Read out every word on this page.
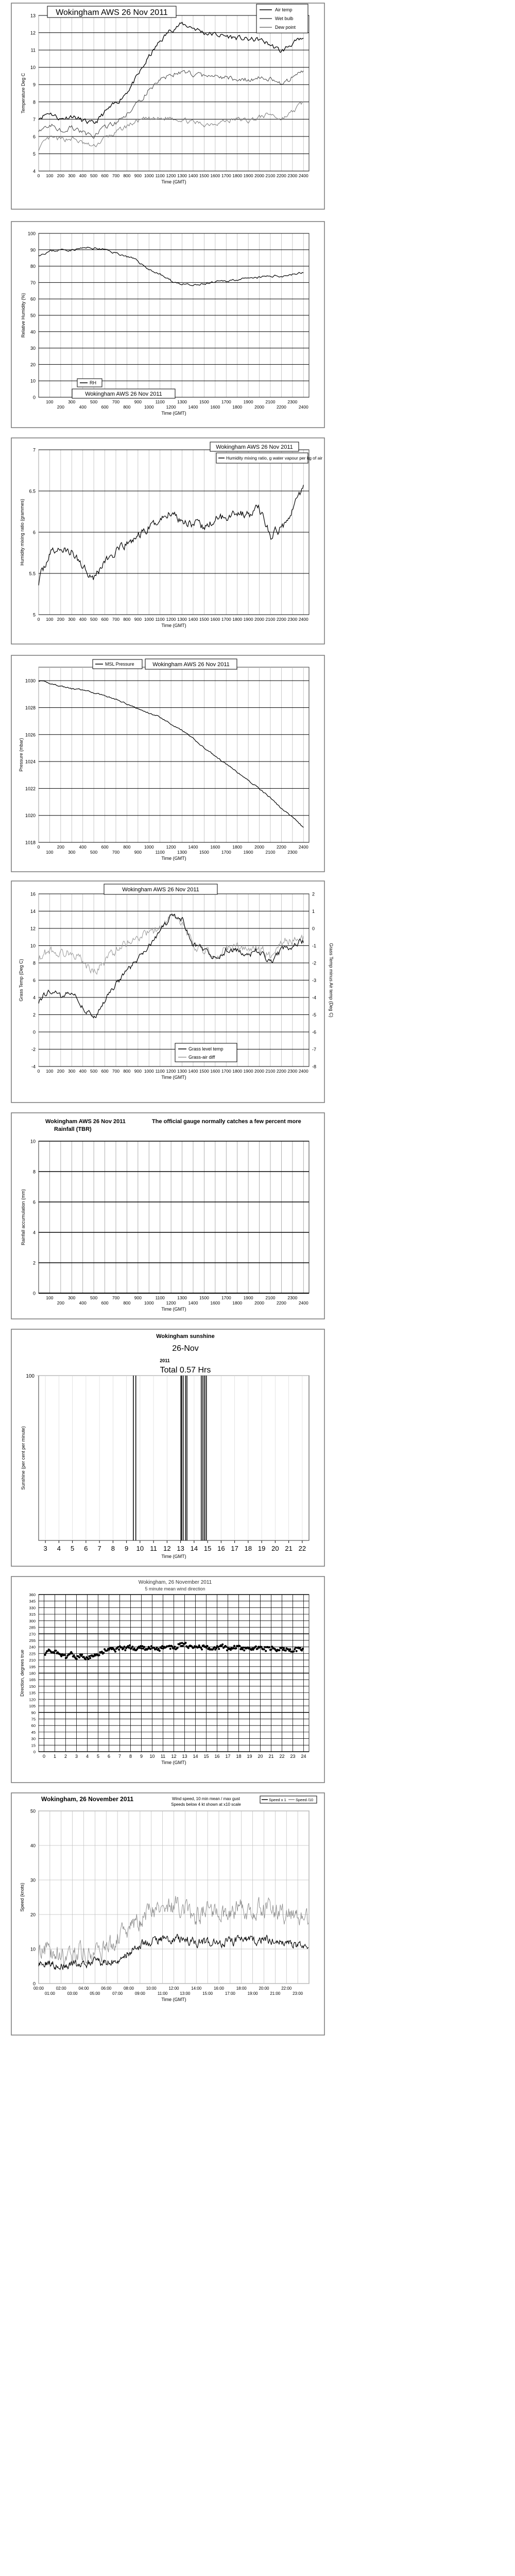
0 100 200 300 400 500 600 700 800 900 1000 1100 1200 1300 1400 1500 1600 1700 1800 1900 2000 2100 2200 2300 2400
4
5
6
7
8
9
10
11
12
13 Wokingham AWS 26 Nov 2011	Air temp
Wet bulb
Dew point
Time (GMT)
Temperature Deg C
100
200
300
400
500
600
700
800
900
1000
1100
1200
1300
1400
1500
1600
1700
1800
1900
2000
2100
2200
2300
2400
0
10
20
30
40
50
60
70
80
90
100
RH
Wokingham AWS 26 Nov 2011
Time (GMT)
Relative Humidity (%)
0 100 200 300 400 500 600 700 800 900 1000 1100 1200 1300 1400 1500 1600 1700 1800 1900 2000 2100 2200 2300 2400
5
5.5
6
6.5
7	Wokingham AWS 26 Nov 2011
Humidity mixing ratio, g water vapour per kg of air
Time (GMT)
Humidity mixing ratio (grammes)
0
100
200
300
400
500
600
700
800
900
1000
1100
1200
1300
1400
1500
1600
1700
1800
1900
2000
2100
2200
2300
2400
1018
1020
1022
1024
1026
1028
1030
MSL Pressure	Wokingham AWS 26 Nov 2011
Time (GMT)
Pressure (mbar)
0 100 200 300 400 500 600 700 800 900 1000 1100 1200 1300 1400 1500 1600 1700 1800 1900 2000 2100 2200 2300 2400
-4
-2
0
2
4
6
8
10
12
14
16
-8
-7
-6
-5
-4
-3
-2
-1
0
1
2
Wokingham AWS 26 Nov 2011
Grass level temp
Grass-air diff
Time (GMT)
Grass Temp (Deg C)	Grass Temp minus Air temp (Deg C)
100
200
300
400
500
600
700
800
900
1000
1100
1200
1300
1400
1500
1600
1700
1800
1900
2000
2100
2200
2300
2400
0
2
4
6
8
10
Wokingham AWS 26 Nov 2011
Rainfall (TBR)
The official gauge normally catches a few percent more
Time (GMT)
Rainfall accumulation (mm)
3 4 5 6 7 8 9 10 11 12 13 14 15 16 17 18 19 20 21 22
100
Wokingham sunshine
26-Nov
2011
Total 0.57 Hrs
Time (GMT)
Sunshine (per cent per minute)
0 1 2 3 4 5 6 7 8 9 10 11 12 13 14 15 16 17 18 19 20 21 22 23 24
0
15
30
45
60
75
90
105
120
135
150
165
180
195
210
225
240
255
270
285
300
315
330
345
360
Wokingham, 26 November 2011
5 minute mean wind direction
Time (GMT)
Direction, degrees true
0
10
20
30
40
50
00:00	02:00	04:00	06:00	08:00	10:00	12:00	14:00	16:00	18:00	20:00	22:00
01:00	03:00	05:00	07:00	09:00	11:00	13:00	15:00	17:00	19:00	21:00	23:00
Wokingham, 26 November 2011	Wind speed, 10 min mean / max gust
Speeds below 4 kt shown at x10 scale
Speed x 1 Speed /10
Time (GMT)
Speed (knots)
